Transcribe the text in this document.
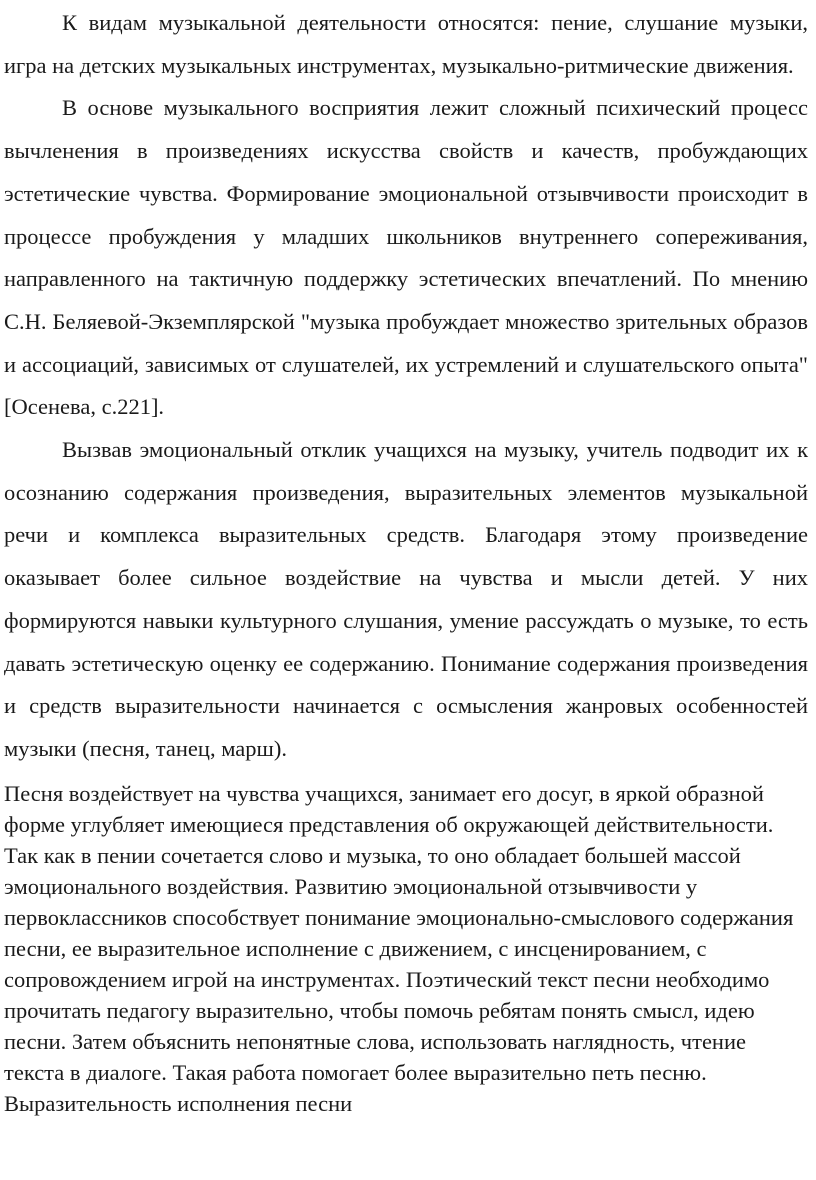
К видам музыкальной деятельности относятся: пение, слушание музыки, игра на детских музыкальных инструментах, музыкально-ритмические движения.

В основе музыкального восприятия лежит сложный психический процесс вычленения в произведениях искусства свойств и качеств, пробуждающих эстетические чувства. Формирование эмоциональной отзывчивости происходит в процессе пробуждения у младших школьников внутреннего сопереживания, направленного на тактичную поддержку эстетических впечатлений. По мнению С.Н. Беляевой-Экземплярской "музыка пробуждает множество зрительных образов и ассоциаций, зависимых от слушателей, их устремлений и слушательского опыта" [Осенева, с.221].

Вызвав эмоциональный отклик учащихся на музыку, учитель подводит их к осознанию содержания произведения, выразительных элементов музыкальной речи и комплекса выразительных средств. Благодаря этому произведение оказывает более сильное воздействие на чувства и мысли детей. У них формируются навыки культурного слушания, умение рассуждать о музыке, то есть давать эстетическую оценку ее содержанию. Понимание содержания произведения и средств выразительности начинается с осмысления жанровых особенностей музыки (песня, танец, марш).

Песня воздействует на чувства учащихся, занимает его досуг, в яркой образной форме углубляет имеющиеся представления об окружающей действительности. Так как в пении сочетается слово и музыка, то оно обладает большей массой эмоционального воздействия. Развитию эмоциональной отзывчивости у первоклассников способствует понимание эмоционально-смыслового содержания песни, ее выразительное исполнение с движением, с инсценированием, с сопровождением игрой на инструментах. Поэтический текст песни необходимо прочитать педагогу выразительно, чтобы помочь ребятам понять смысл, идею песни. Затем объяснить непонятные слова, использовать наглядность, чтение текста в диалоге. Такая работа помогает более выразительно петь песню. Выразительность исполнения песни
